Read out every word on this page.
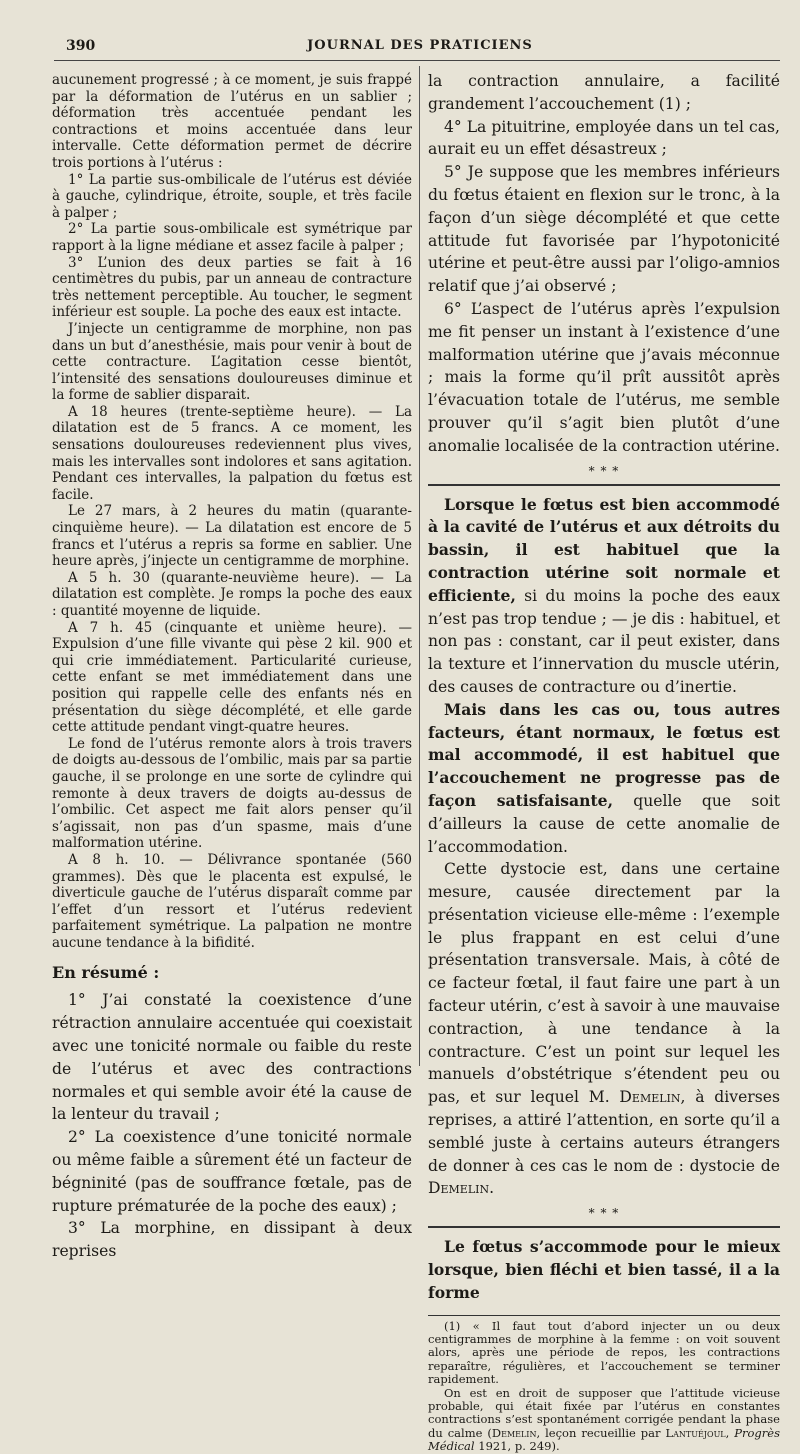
390	JOURNAL DES PRATICIENS

aucunement progressé ; à ce moment, je suis frappé par la déformation de l’utérus en un sablier ; déformation très accentuée pendant les contractions et moins accentuée dans leur intervalle. Cette déformation permet de décrire trois portions à l’utérus :

1° La partie sus-ombilicale de l’utérus est déviée à gauche, cylindrique, étroite, souple, et très facile à palper ;

2° La partie sous-ombilicale est symétrique par rapport à la ligne médiane et assez facile à palper ;

3° L’union des deux parties se fait à 16 centimètres du pubis, par un anneau de contracture très nettement perceptible. Au toucher, le segment inférieur est souple. La poche des eaux est intacte.

J’injecte un centigramme de morphine, non pas dans un but d’anesthésie, mais pour venir à bout de cette contracture. L’agitation cesse bientôt, l’intensité des sensations douloureuses diminue et la forme de sablier disparait.

A 18 heures (trente-septième heure). — La dilatation est de 5 francs. A ce moment, les sensations douloureuses redeviennent plus vives, mais les intervalles sont indolores et sans agitation. Pendant ces intervalles, la palpation du fœtus est facile.

Le 27 mars, à 2 heures du matin (quarante-cinquième heure). — La dilatation est encore de 5 francs et l’utérus a repris sa forme en sablier. Une heure après, j’injecte un centigramme de morphine.

A 5 h. 30 (quarante-neuvième heure). — La dilatation est complète. Je romps la poche des eaux : quantité moyenne de liquide.

A 7 h. 45 (cinquante et unième heure). — Expulsion d’une fille vivante qui pèse 2 kil. 900 et qui crie immédiatement. Particularité curieuse, cette enfant se met immédiatement dans une position qui rappelle celle des enfants nés en présentation du siège décomplété, et elle garde cette attitude pendant vingt-quatre heures.

Le fond de l’utérus remonte alors à trois travers de doigts au-dessous de l’ombilic, mais par sa partie gauche, il se prolonge en une sorte de cylindre qui remonte à deux travers de doigts au-dessus de l’ombilic. Cet aspect me fait alors penser qu’il s’agissait, non pas d’un spasme, mais d’une malformation utérine.

A 8 h. 10. — Délivrance spontanée (560 grammes). Dès que le placenta est expulsé, le diverticule gauche de l’utérus disparaît comme par l’effet d’un ressort et l’utérus redevient parfaitement symétrique. La palpation ne montre aucune tendance à la bifidité.

En résumé :

1° J’ai constaté la coexistence d’une rétraction annulaire accentuée qui coexistait avec une tonicité normale ou faible du reste de l’utérus et avec des contractions normales et qui semble avoir été la cause de la lenteur du travail ;

2° La coexistence d’une tonicité normale ou même faible a sûrement été un facteur de bégninité (pas de souffrance fœtale, pas de rupture prématurée de la poche des eaux) ;

3° La morphine, en dissipant à deux reprises

la contraction annulaire, a facilité grandement l’accouchement (1) ;

4° La pituitrine, employée dans un tel cas, aurait eu un effet désastreux ;

5° Je suppose que les membres inférieurs du fœtus étaient en flexion sur le tronc, à la façon d’un siège décomplété et que cette attitude fut favorisée par l’hypotonicité utérine et peut-être aussi par l’oligo-amnios relatif que j’ai observé ;

6° L’aspect de l’utérus après l’expulsion me fit penser un instant à l’existence d’une malformation utérine que j’avais méconnue ; mais la forme qu’il prît aussitôt après l’évacuation totale de l’utérus, me semble prouver qu’il s’agit bien plutôt d’une anomalie localisée de la contraction utérine.

* * *

Lorsque le fœtus est bien accommodé à la cavité de l’utérus et aux détroits du bassin, il est habituel que la contraction utérine soit normale et efficiente, si du moins la poche des eaux n’est pas trop tendue ; — je dis : habituel, et non pas : constant, car il peut exister, dans la texture et l’innervation du muscle utérin, des causes de contracture ou d’inertie.

Mais dans les cas ou, tous autres facteurs, étant normaux, le fœtus est mal accommodé, il est habituel que l’accouchement ne progresse pas de façon satisfaisante, quelle que soit d’ailleurs la cause de cette anomalie de l’accommodation.

Cette dystocie est, dans une certaine mesure, causée directement par la présentation vicieuse elle-même : l’exemple le plus frappant en est celui d’une présentation transversale. Mais, à côté de ce facteur fœtal, il faut faire une part à un facteur utérin, c’est à savoir à une mauvaise contraction, à une tendance à la contracture. C’est un point sur lequel les manuels d’obstétrique s’étendent peu ou pas, et sur lequel M. Demelin, à diverses reprises, a attiré l’attention, en sorte qu’il a semblé juste à certains auteurs étrangers de donner à ces cas le nom de : dystocie de Demelin.

* * *

Le fœtus s’accommode pour le mieux lorsque, bien fléchi et bien tassé, il a la forme

(1) « Il faut tout d’abord injecter un ou deux centigrammes de morphine à la femme : on voit souvent alors, après une période de repos, les contractions reparaître, régulières, et l’accouchement se terminer rapidement.

On est en droit de supposer que l’attitude vicieuse probable, qui était fixée par l’utérus en constantes contractions s’est spontanément corrigée pendant la phase du calme (Demelin, leçon recueillie par Lantuéjoul, Progrès Médical 1921, p. 249).
